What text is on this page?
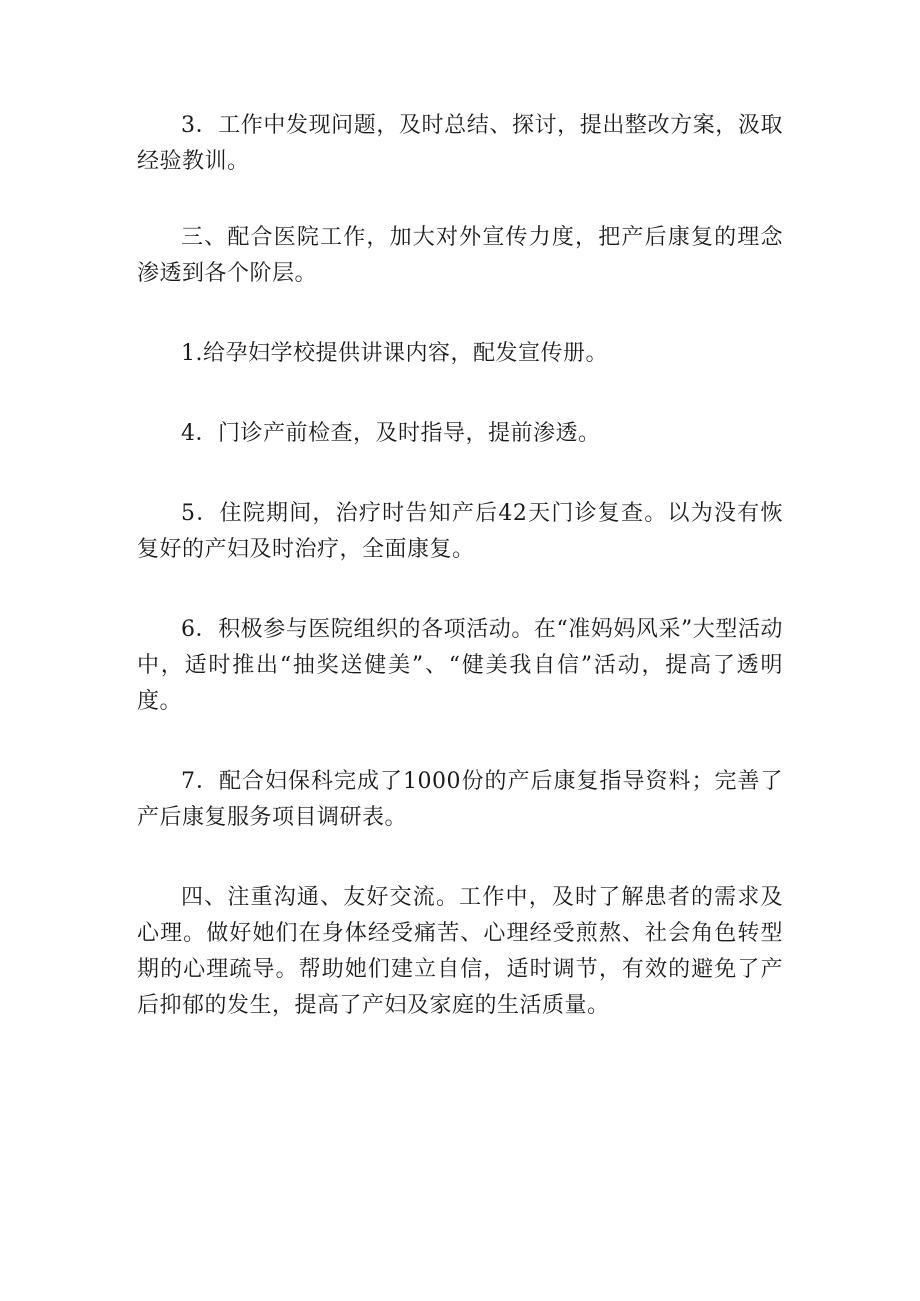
3．工作中发现问题，及时总结、探讨，提出整改方案，汲取经验教训。

三、配合医院工作，加大对外宣传力度，把产后康复的理念渗透到各个阶层。

1.给孕妇学校提供讲课内容，配发宣传册。

4．门诊产前检查，及时指导，提前渗透。

5．住院期间，治疗时告知产后42天门诊复查。以为没有恢复好的产妇及时治疗，全面康复。

6．积极参与医院组织的各项活动。在“准妈妈风采”大型活动中，适时推出“抽奖送健美”、“健美我自信”活动，提高了透明度。

7．配合妇保科完成了1000份的产后康复指导资料；完善了产后康复服务项目调研表。

四、注重沟通、友好交流。工作中，及时了解患者的需求及心理。做好她们在身体经受痛苦、心理经受煎熬、社会角色转型期的心理疏导。帮助她们建立自信，适时调节，有效的避免了产后抑郁的发生，提高了产妇及家庭的生活质量。
